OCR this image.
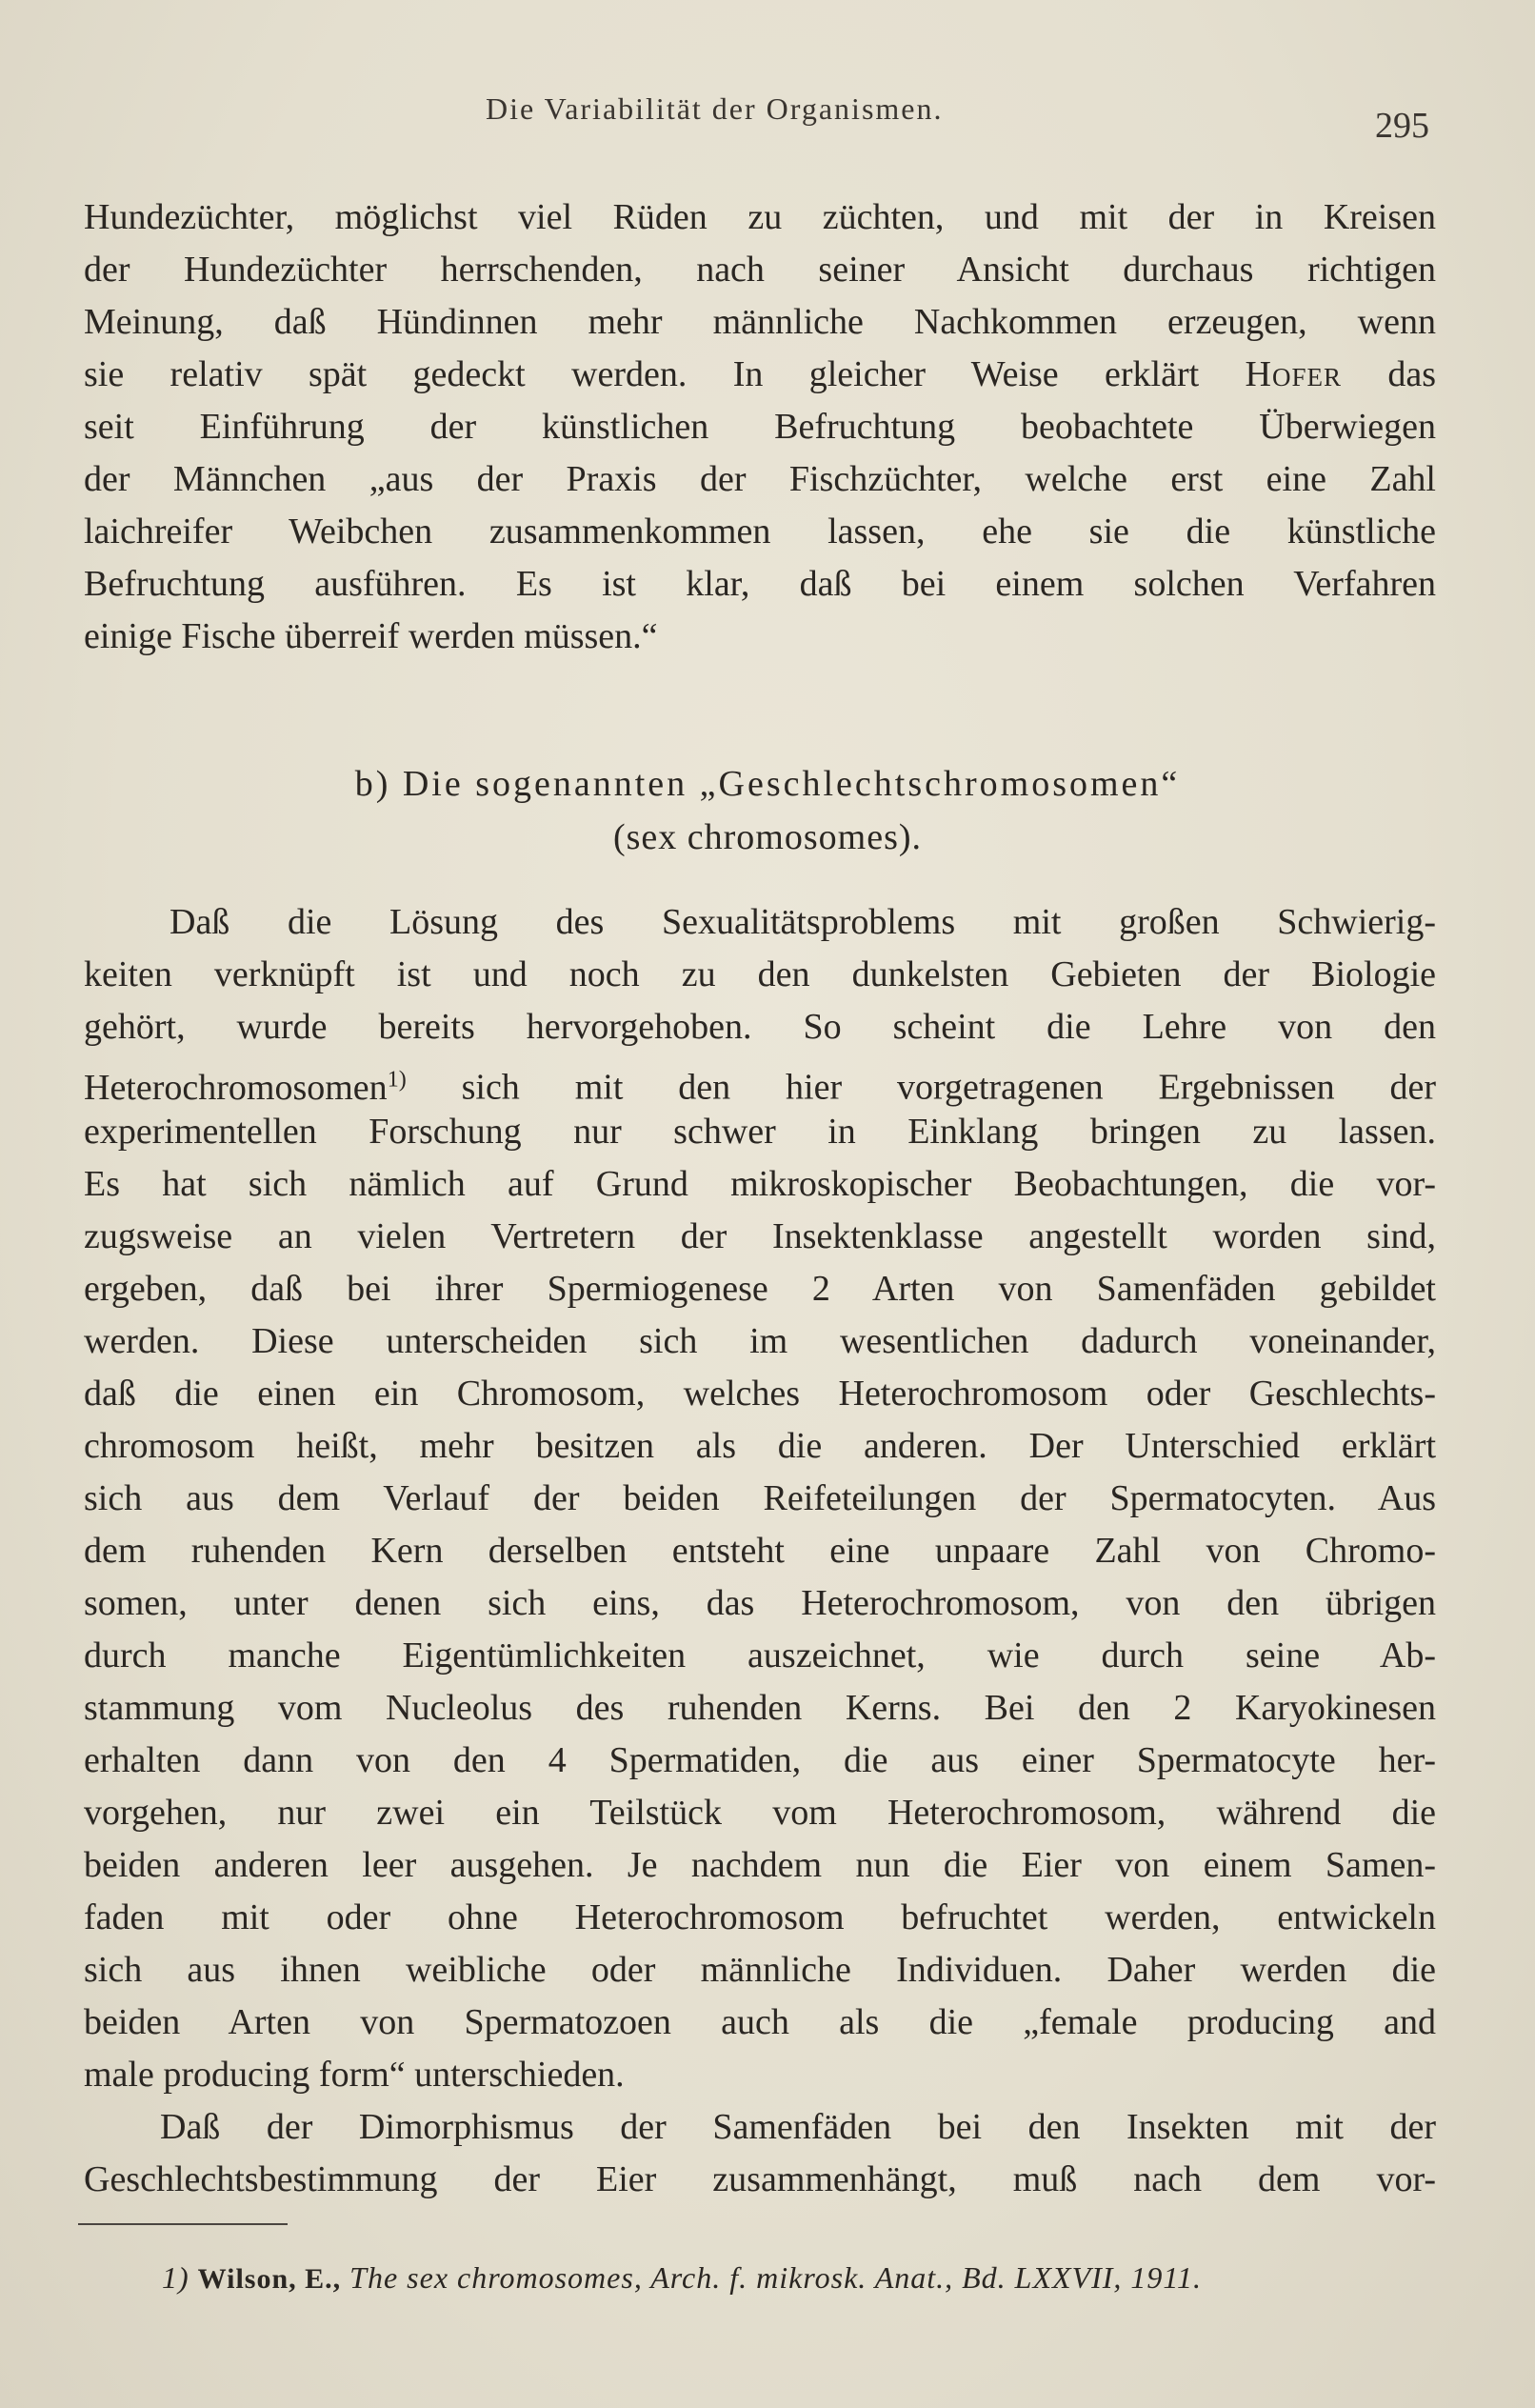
Die Variabilität der Organismen.	295
Hundezüchter, möglichst viel Rüden zu züchten, und mit der in Kreisen
der Hundezüchter herrschenden, nach seiner Ansicht durchaus richtigen
Meinung, daß Hündinnen mehr männliche Nachkommen erzeugen, wenn
sie relativ spät gedeckt werden. In gleicher Weise erklärt Hofer das
seit Einführung der künstlichen Befruchtung beobachtete Überwiegen
der Männchen „aus der Praxis der Fischzüchter, welche erst eine Zahl
laichreifer Weibchen zusammenkommen lassen, ehe sie die künstliche
Befruchtung ausführen. Es ist klar, daß bei einem solchen Verfahren
einige Fische überreif werden müssen.“
b) Die sogenannten „Geschlechtschromosomen“
(sex chromosomes).
Daß die Lösung des Sexualitätsproblems mit großen Schwierig-
keiten verknüpft ist und noch zu den dunkelsten Gebieten der Biologie
gehört, wurde bereits hervorgehoben. So scheint die Lehre von den
Heterochromosomen$^{1)}$ sich mit den hier vorgetragenen Ergebnissen der
experimentellen Forschung nur schwer in Einklang bringen zu lassen.
Es hat sich nämlich auf Grund mikroskopischer Beobachtungen, die vor-
zugsweise an vielen Vertretern der Insektenklasse angestellt worden sind,
ergeben, daß bei ihrer Spermiogenese 2 Arten von Samenfäden gebildet
werden. Diese unterscheiden sich im wesentlichen dadurch voneinander,
daß die einen ein Chromosom, welches Heterochromosom oder Geschlechts-
chromosom heißt, mehr besitzen als die anderen. Der Unterschied erklärt
sich aus dem Verlauf der beiden Reifeteilungen der Spermatocyten. Aus
dem ruhenden Kern derselben entsteht eine unpaare Zahl von Chromo-
somen, unter denen sich eins, das Heterochromosom, von den übrigen
durch manche Eigentümlichkeiten auszeichnet, wie durch seine Ab-
stammung vom Nucleolus des ruhenden Kerns. Bei den 2 Karyokinesen
erhalten dann von den 4 Spermatiden, die aus einer Spermatocyte her-
vorgehen, nur zwei ein Teilstück vom Heterochromosom, während die
beiden anderen leer ausgehen. Je nachdem nun die Eier von einem Samen-
faden mit oder ohne Heterochromosom befruchtet werden, entwickeln
sich aus ihnen weibliche oder männliche Individuen. Daher werden die
beiden Arten von Spermatozoen auch als die „female producing and
male producing form“ unterschieden.
Daß der Dimorphismus der Samenfäden bei den Insekten mit der
Geschlechtsbestimmung der Eier zusammenhängt, muß nach dem vor-
1) Wilson, E., The sex chromosomes, Arch. f. mikrosk. Anat., Bd. LXXVII, 1911.
